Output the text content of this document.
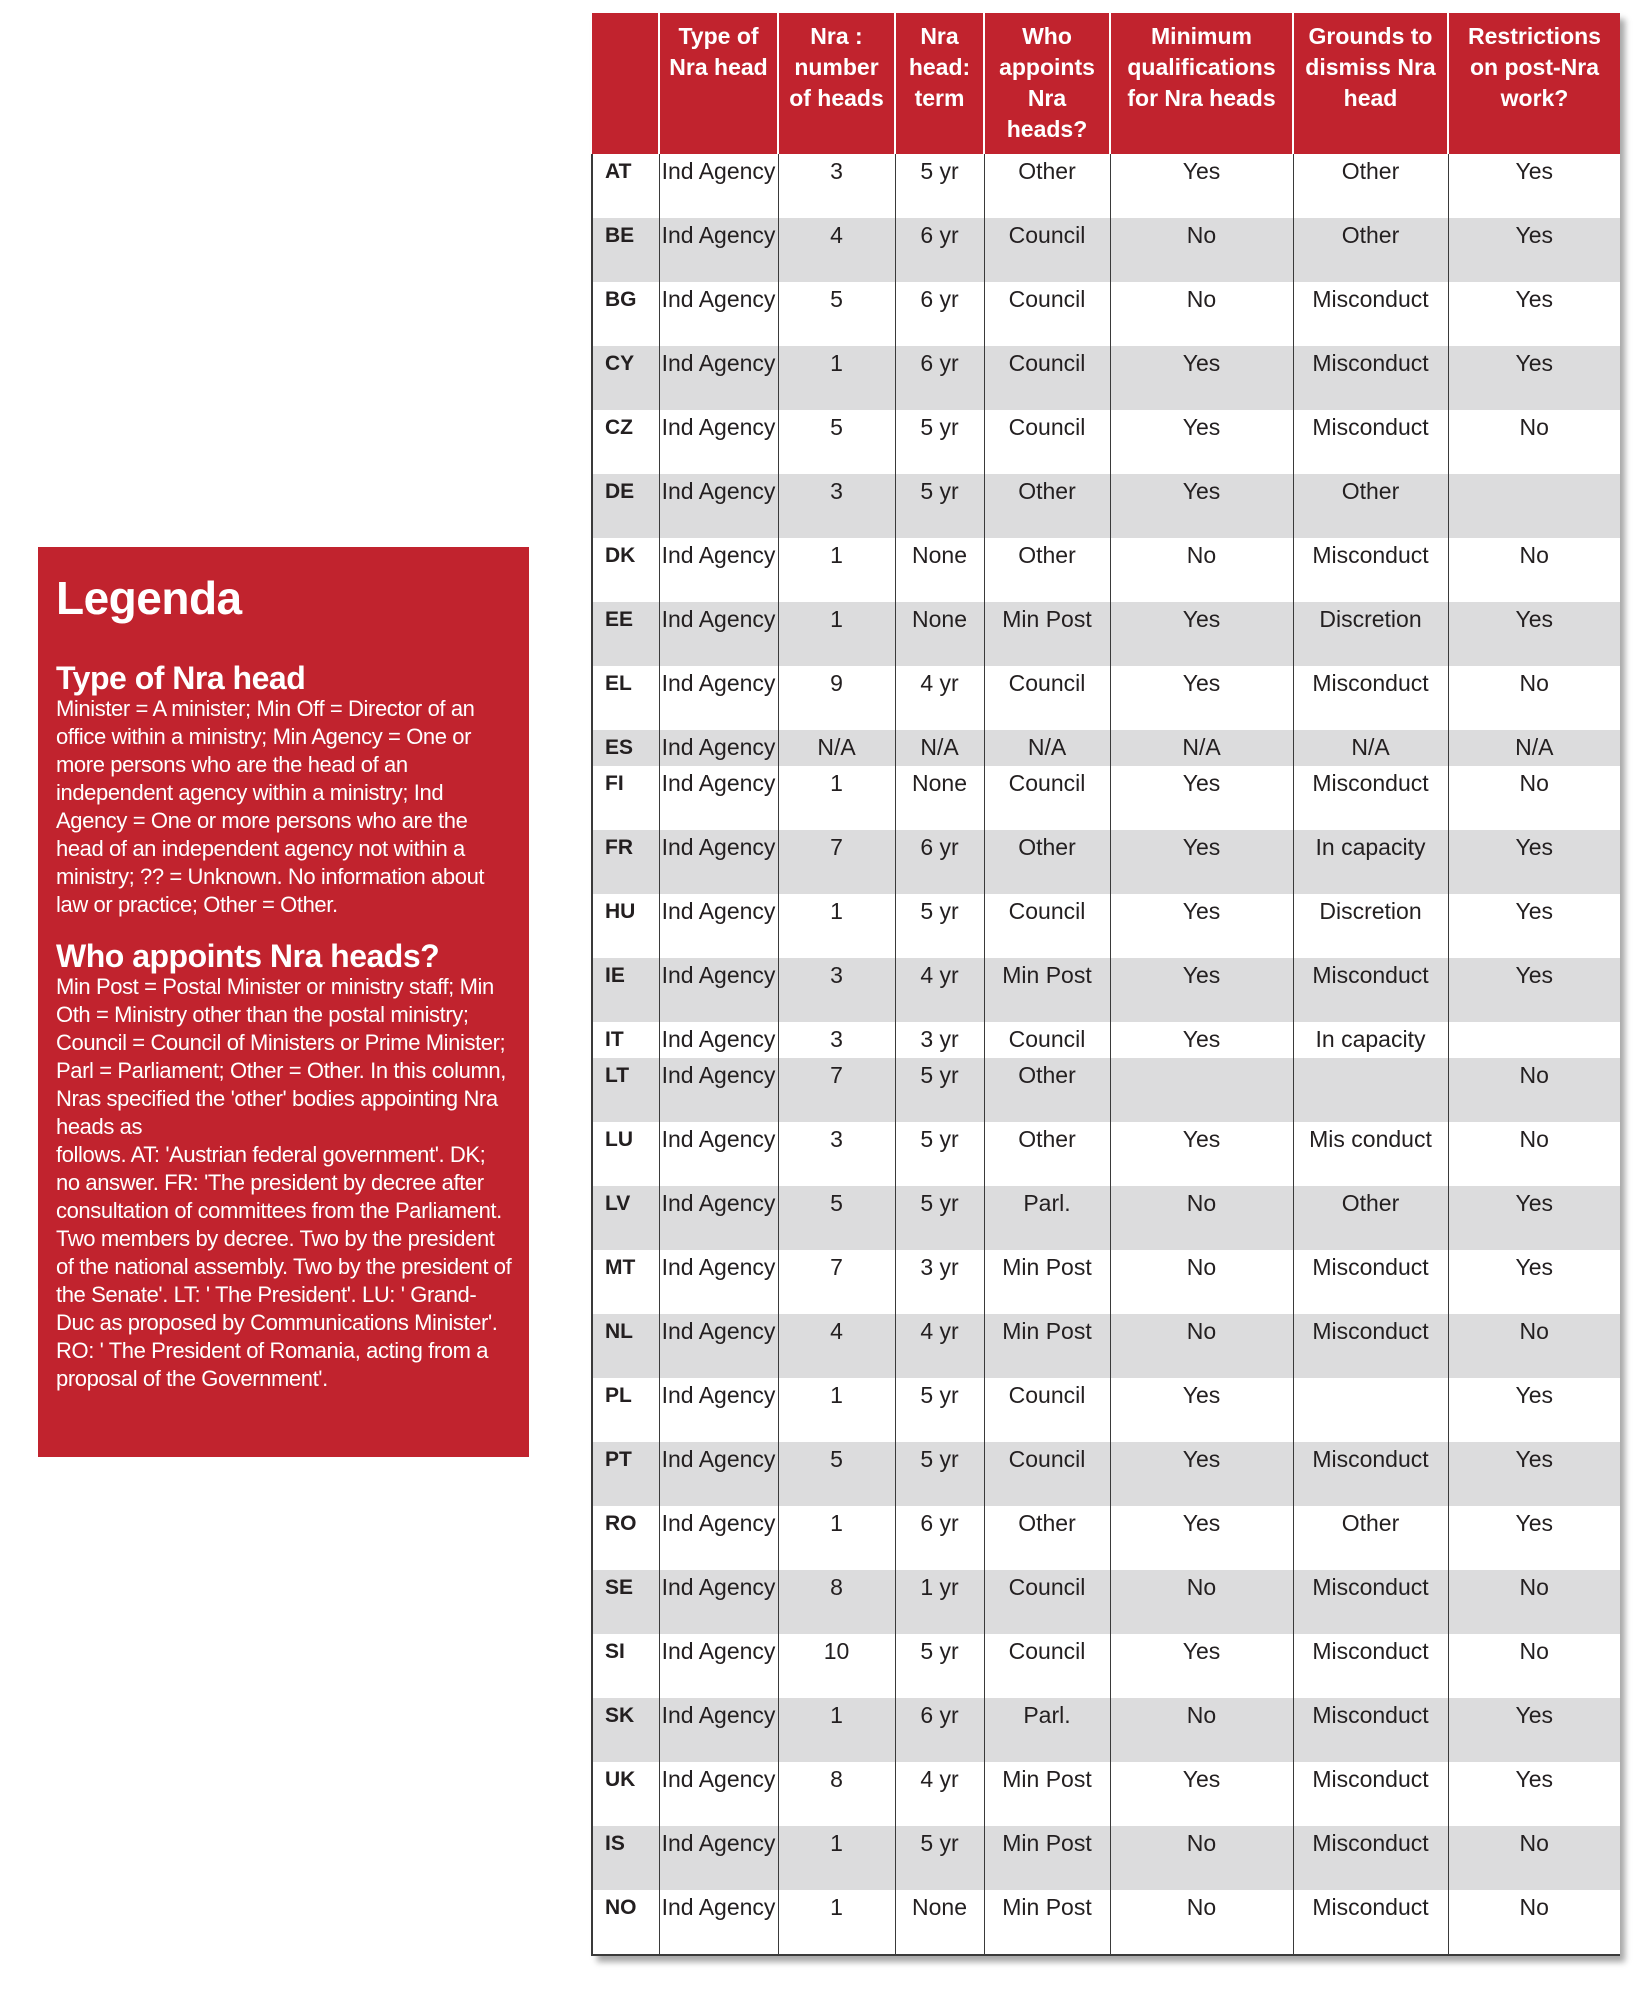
Legenda
Type of Nra head

Minister = A minister; Min Off = Director of an office within a ministry; Min Agency = One or more persons who are the head of an independent agency within a ministry; Ind Agency = One or more persons who are the head of an independent agency not within a ministry; ?? = Unknown. No information about law or practice; Other = Other.

Who appoints Nra heads?

Min Post = Postal Minister or ministry staff; Min Oth = Ministry other than the postal ministry; Council = Council of Ministers or Prime Minister; Parl = Parliament; Other = Other. In this column, Nras specified the 'other' bodies appointing Nra heads as
follows. AT: 'Austrian federal government'. DK; no answer. FR: 'The president by decree after consultation of committees from the Parliament. Two members by decree. Two by the president of the national assembly. Two by the president of the Senate'. LT: ' The President'. LU: ' Grand-Duc as proposed by Communications Minister'. RO: ' The President of Romania, acting from a proposal of the Government'.

	Type of Nra head	Nra : number of heads	Nra head: term	Who appoints Nra heads?	Minimum qualifications for Nra heads	Grounds to dismiss Nra head	Restrictions on post-Nra work?
AT	Ind Agency	3	5 yr	Other	Yes	Other	Yes
BE	Ind Agency	4	6 yr	Council	No	Other	Yes
BG	Ind Agency	5	6 yr	Council	No	Misconduct	Yes
CY	Ind Agency	1	6 yr	Council	Yes	Misconduct	Yes
CZ	Ind Agency	5	5 yr	Council	Yes	Misconduct	No
DE	Ind Agency	3	5 yr	Other	Yes	Other	
DK	Ind Agency	1	None	Other	No	Misconduct	No
EE	Ind Agency	1	None	Min Post	Yes	Discretion	Yes
EL	Ind Agency	9	4 yr	Council	Yes	Misconduct	No
ES	Ind Agency	N/A	N/A	N/A	N/A	N/A	N/A
FI	Ind Agency	1	None	Council	Yes	Misconduct	No
FR	Ind Agency	7	6 yr	Other	Yes	In capacity	Yes
HU	Ind Agency	1	5 yr	Council	Yes	Discretion	Yes
IE	Ind Agency	3	4 yr	Min Post	Yes	Misconduct	Yes
IT	Ind Agency	3	3 yr	Council	Yes	In capacity	
LT	Ind Agency	7	5 yr	Other			No
LU	Ind Agency	3	5 yr	Other	Yes	Mis conduct	No
LV	Ind Agency	5	5 yr	Parl.	No	Other	Yes
MT	Ind Agency	7	3 yr	Min Post	No	Misconduct	Yes
NL	Ind Agency	4	4 yr	Min Post	No	Misconduct	No
PL	Ind Agency	1	5 yr	Council	Yes		Yes
PT	Ind Agency	5	5 yr	Council	Yes	Misconduct	Yes
RO	Ind Agency	1	6 yr	Other	Yes	Other	Yes
SE	Ind Agency	8	1 yr	Council	No	Misconduct	No
SI	Ind Agency	10	5 yr	Council	Yes	Misconduct	No
SK	Ind Agency	1	6 yr	Parl.	No	Misconduct	Yes
UK	Ind Agency	8	4 yr	Min Post	Yes	Misconduct	Yes
IS	Ind Agency	1	5 yr	Min Post	No	Misconduct	No
NO	Ind Agency	1	None	Min Post	No	Misconduct	No
